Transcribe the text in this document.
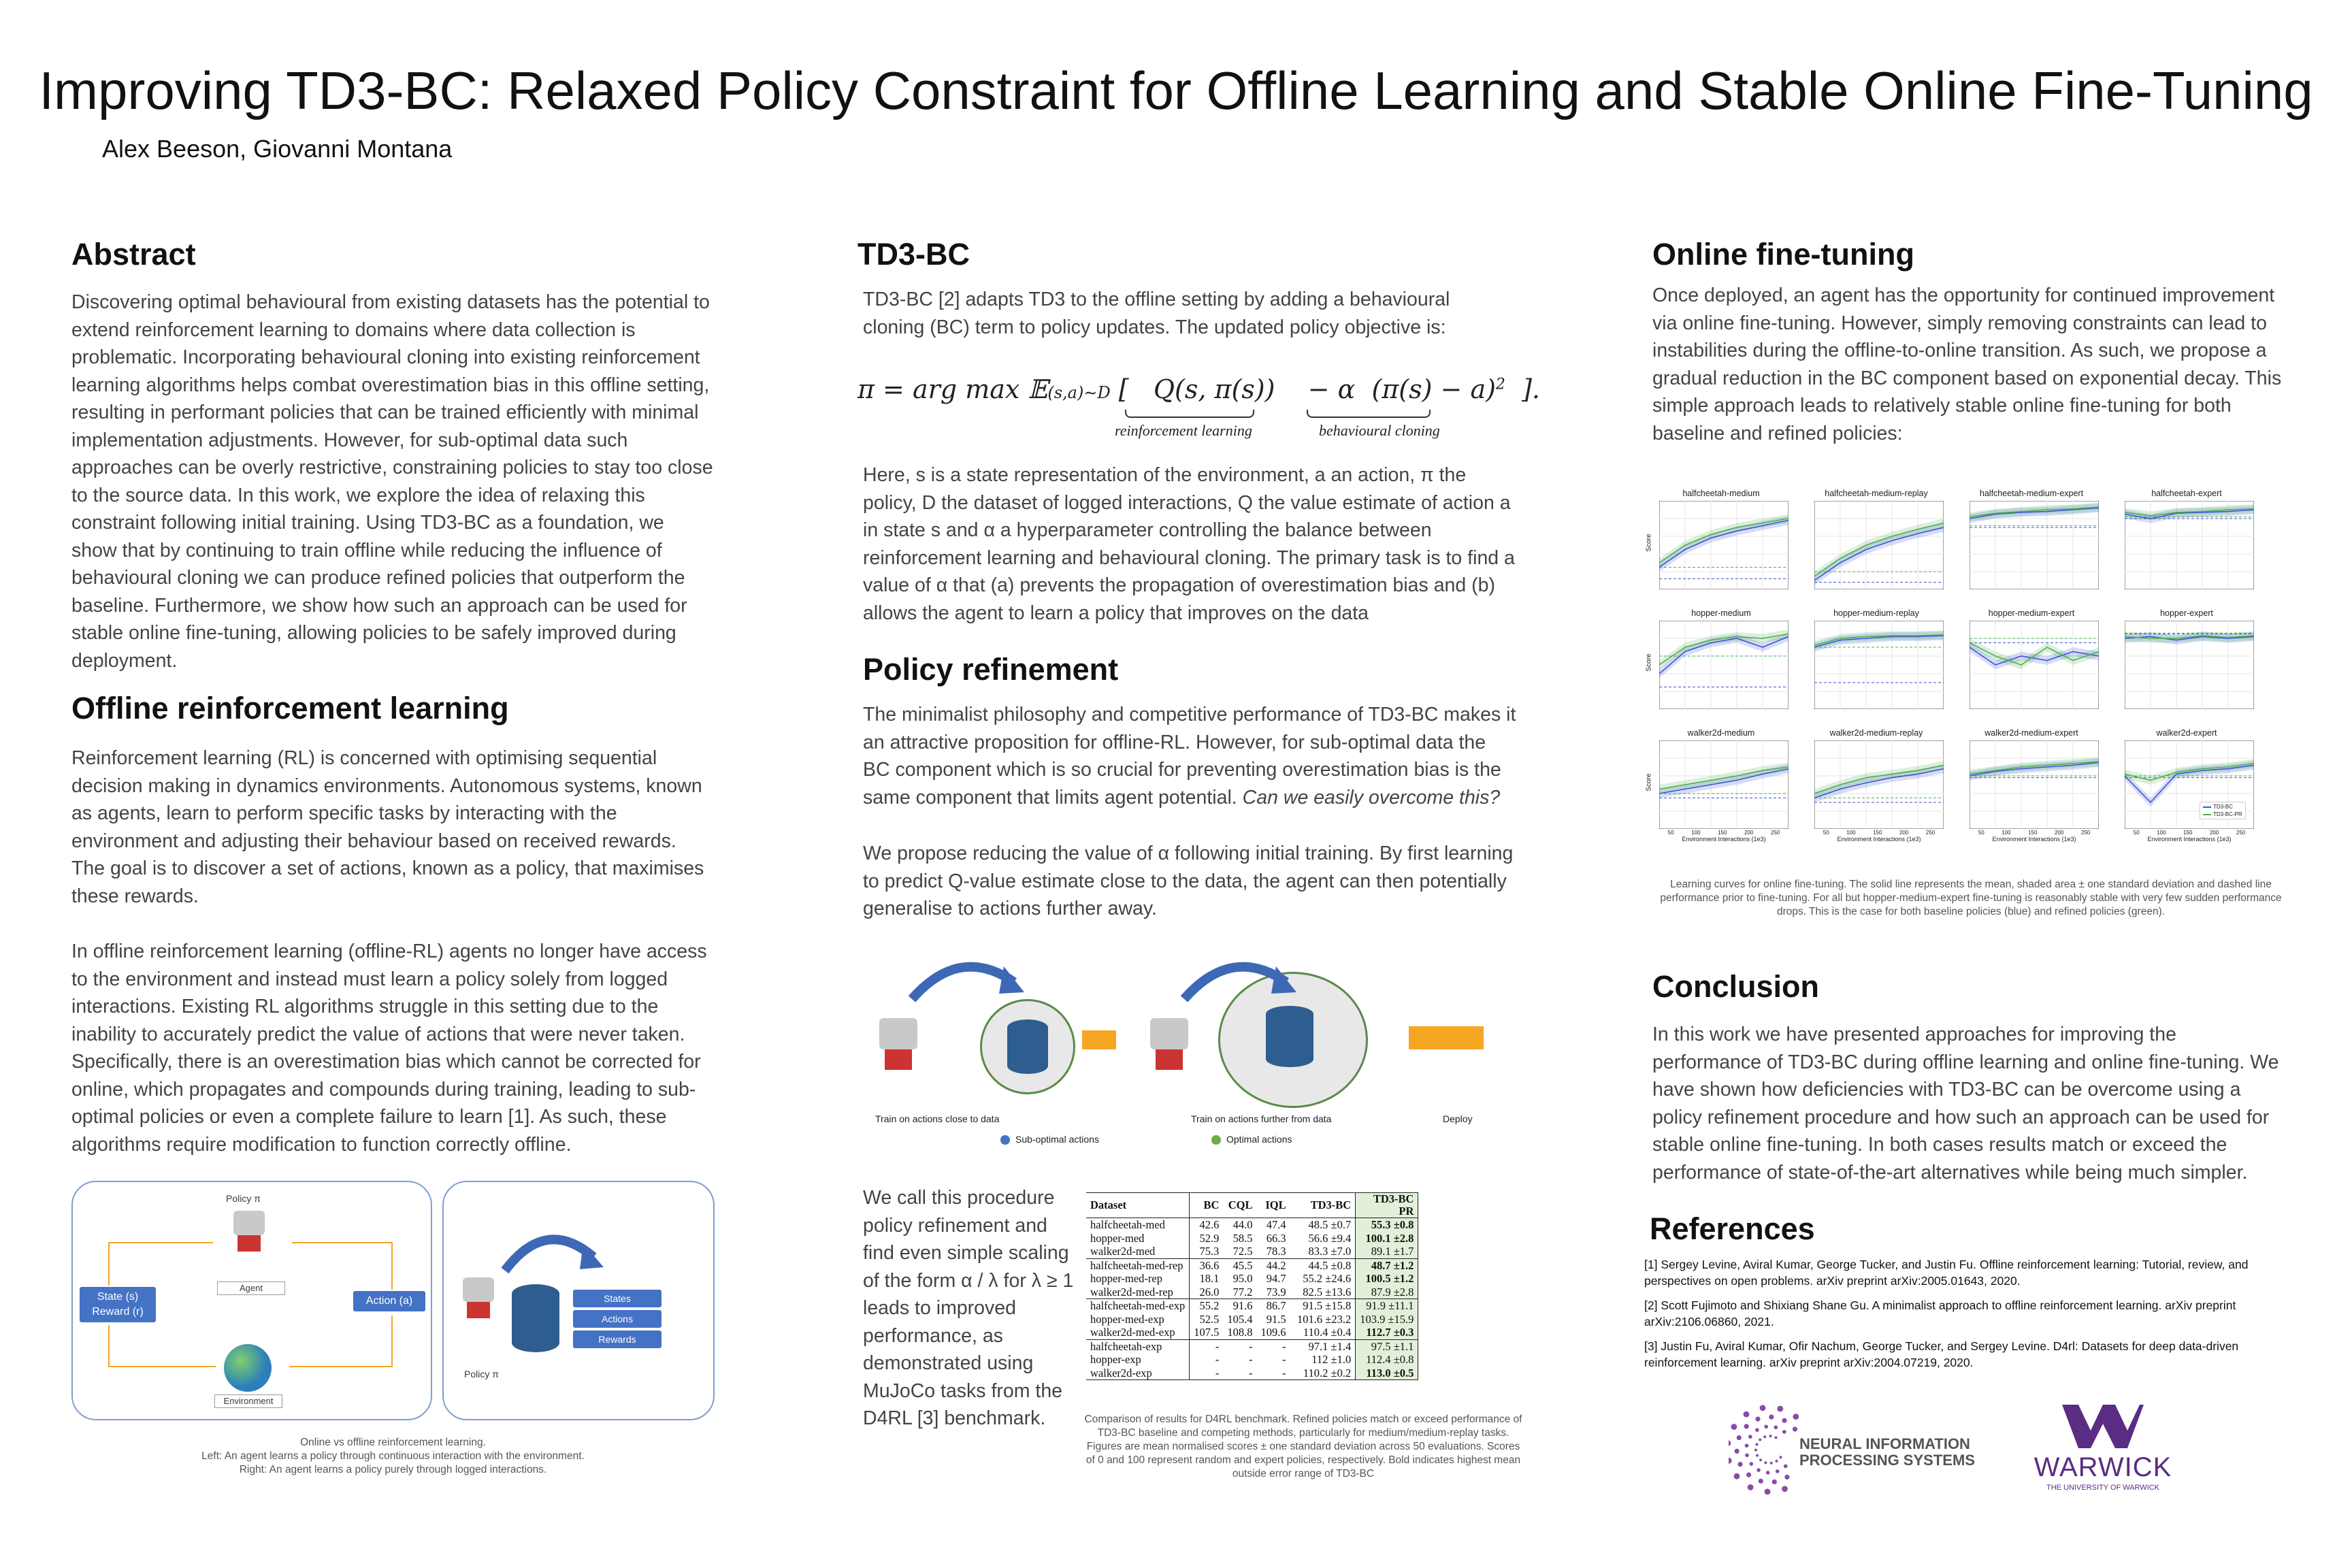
Improving TD3-BC: Relaxed Policy Constraint for Offline Learning and Stable Online Fine-Tuning
Alex Beeson, Giovanni Montana
Abstract
Discovering optimal behavioural from existing datasets has the potential to extend reinforcement learning to domains where data collection is problematic. Incorporating behavioural cloning into existing reinforcement learning algorithms helps combat overestimation bias in this offline setting, resulting in performant policies that can be trained efficiently with minimal implementation adjustments. However, for sub-optimal data such approaches can be overly restrictive, constraining policies to stay too close to the source data. In this work, we explore the idea of relaxing this constraint following initial training. Using TD3-BC as a foundation, we show that by continuing to train offline while reducing the influence of behavioural cloning we can produce refined policies that outperform the baseline. Furthermore, we show how such an approach can be used for stable online fine-tuning, allowing policies to be safely improved during deployment.
Offline reinforcement learning
Reinforcement learning (RL) is concerned with optimising sequential decision making in dynamics environments. Autonomous systems, known as agents, learn to perform specific tasks by interacting with the environment and adjusting their behaviour based on received rewards. The goal is to discover a set of actions, known as a policy, that maximises these rewards.
In offline reinforcement learning (offline-RL) agents no longer have access to the environment and instead must learn a policy solely from logged interactions. Existing RL algorithms struggle in this setting due to the inability to accurately predict the value of actions that were never taken. Specifically, there is an overestimation bias which cannot be corrected for online, which propagates and compounds during training, leading to sub-optimal policies or even a complete failure to learn [1]. As such, these algorithms require modification to function correctly offline.
Policy π
Agent
Action (a)
State (s)
Reward (r)
Environment
Policy π
States
Actions
Rewards
Online vs offline reinforcement learning.
Left: An agent learns a policy through continuous interaction with the environment.
Right: An agent learns a policy purely through logged interactions.
TD3-BC
TD3-BC [2] adapts TD3 to the offline setting by adding a behavioural cloning (BC) term to policy updates. The updated policy objective is:
π = arg max 𝔼(s,a)∼D [   Q(s, π(s))    − α  $(\pi(s) - a)^2$  ].
reinforcement learning	behavioural cloning
Here, s is a state representation of the environment, a an action, π the policy, D the dataset of logged interactions, Q the value estimate of action a in state s and α a hyperparameter controlling the balance between reinforcement learning and behavioural cloning. The primary task is to find a value of α that (a) prevents the propagation of overestimation bias and (b) allows the agent to learn a policy that improves on the data
Policy refinement
The minimalist philosophy and competitive performance of TD3-BC makes it an attractive proposition for offline-RL. However, for sub-optimal data the BC component which is so crucial for preventing overestimation bias is the same component that limits agent potential. Can we easily overcome this?
We propose reducing the value of α following initial training. By first learning to predict Q-value estimate close to the data, the agent can then potentially generalise to actions further away.
Train on actions close to data	Train on actions further from data	Deploy
Sub-optimal actions	Optimal actions
We call this procedure policy refinement and find even simple scaling of the form α / λ for λ ≥ 1 leads to improved performance, as demonstrated using MuJoCo tasks from the D4RL [3] benchmark.
Dataset	BC	CQL	IQL	TD3-BC	TD3-BC
PR
halfcheetah-med	42.6	44.0	47.4	48.5 ±0.7	55.3 ±0.8
hopper-med	52.9	58.5	66.3	56.6 ±9.4	100.1 ±2.8
walker2d-med	75.3	72.5	78.3	83.3 ±7.0	89.1 ±1.7
halfcheetah-med-rep	36.6	45.5	44.2	44.5 ±0.8	48.7 ±1.2
hopper-med-rep	18.1	95.0	94.7	55.2 ±24.6	100.5 ±1.2
walker2d-med-rep	26.0	77.2	73.9	82.5 ±13.6	87.9 ±2.8
halfcheetah-med-exp	55.2	91.6	86.7	91.5 ±15.8	91.9 ±11.1
hopper-med-exp	52.5	105.4	91.5	101.6 ±23.2	103.9 ±15.9
walker2d-med-exp	107.5	108.8	109.6	110.4 ±0.4	112.7 ±0.3
halfcheetah-exp	-	-	-	97.1 ±1.4	97.5 ±1.1
hopper-exp	-	-	-	112 ±1.0	112.4 ±0.8
walker2d-exp	-	-	-	110.2 ±0.2	113.0 ±0.5
Comparison of results for D4RL benchmark. Refined policies match or exceed performance of TD3-BC baseline and competing methods, particularly for medium/medium-replay tasks. Figures are mean normalised scores ± one standard deviation across 50 evaluations. Scores of 0 and 100 represent random and expert policies, respectively. Bold indicates highest mean outside error range of TD3-BC
Online fine-tuning
Once deployed, an agent has the opportunity for continued improvement via online fine-tuning. However, simply removing constraints can lead to instabilities during the offline-to-online transition. As such, we propose a gradual reduction in the BC component based on exponential decay. This simple approach leads to relatively stable online fine-tuning for both baseline and refined policies:
halfcheetah-medium
Score
halfcheetah-medium-replay	halfcheetah-medium-expert	halfcheetah-expert
hopper-medium
Score
hopper-medium-replay	hopper-medium-expert	hopper-expert
walker2d-medium
Score
50	100	150	200	250
Environment Interactions (1e3)
walker2d-medium-replay
50	100	150	200	250
Environment Interactions (1e3)
walker2d-medium-expert
50	100	150	200	250
Environment Interactions (1e3)
walker2d-expert
50	100	150	200	250
Environment Interactions (1e3)
TD3-BC
TD3-BC-PR
Learning curves for online fine-tuning. The solid line represents the mean, shaded area ± one standard deviation and dashed line performance prior to fine-tuning. For all but hopper-medium-expert fine-tuning is reasonably stable with very few sudden performance drops. This is the case for both baseline policies (blue) and refined policies (green).
Conclusion
In this work we have presented approaches for improving the performance of TD3-BC during offline learning and online fine-tuning. We have shown how deficiencies with TD3-BC can be overcome using a policy refinement procedure and how such an approach can be used for stable online fine-tuning. In both cases results match or exceed the performance of state-of-the-art alternatives while being much simpler.
References
[1] Sergey Levine, Aviral Kumar, George Tucker, and Justin Fu. Offline reinforcement learning: Tutorial, review, and perspectives on open problems. arXiv preprint arXiv:2005.01643, 2020.
[2] Scott Fujimoto and Shixiang Shane Gu. A minimalist approach to offline reinforcement learning. arXiv preprint arXiv:2106.06860, 2021.
[3] Justin Fu, Aviral Kumar, Ofir Nachum, George Tucker, and Sergey Levine. D4rl: Datasets for deep data-driven reinforcement learning. arXiv preprint arXiv:2004.07219, 2020.
NEURAL INFORMATION
PROCESSING SYSTEMS WARWICK
THE UNIVERSITY OF WARWICK
